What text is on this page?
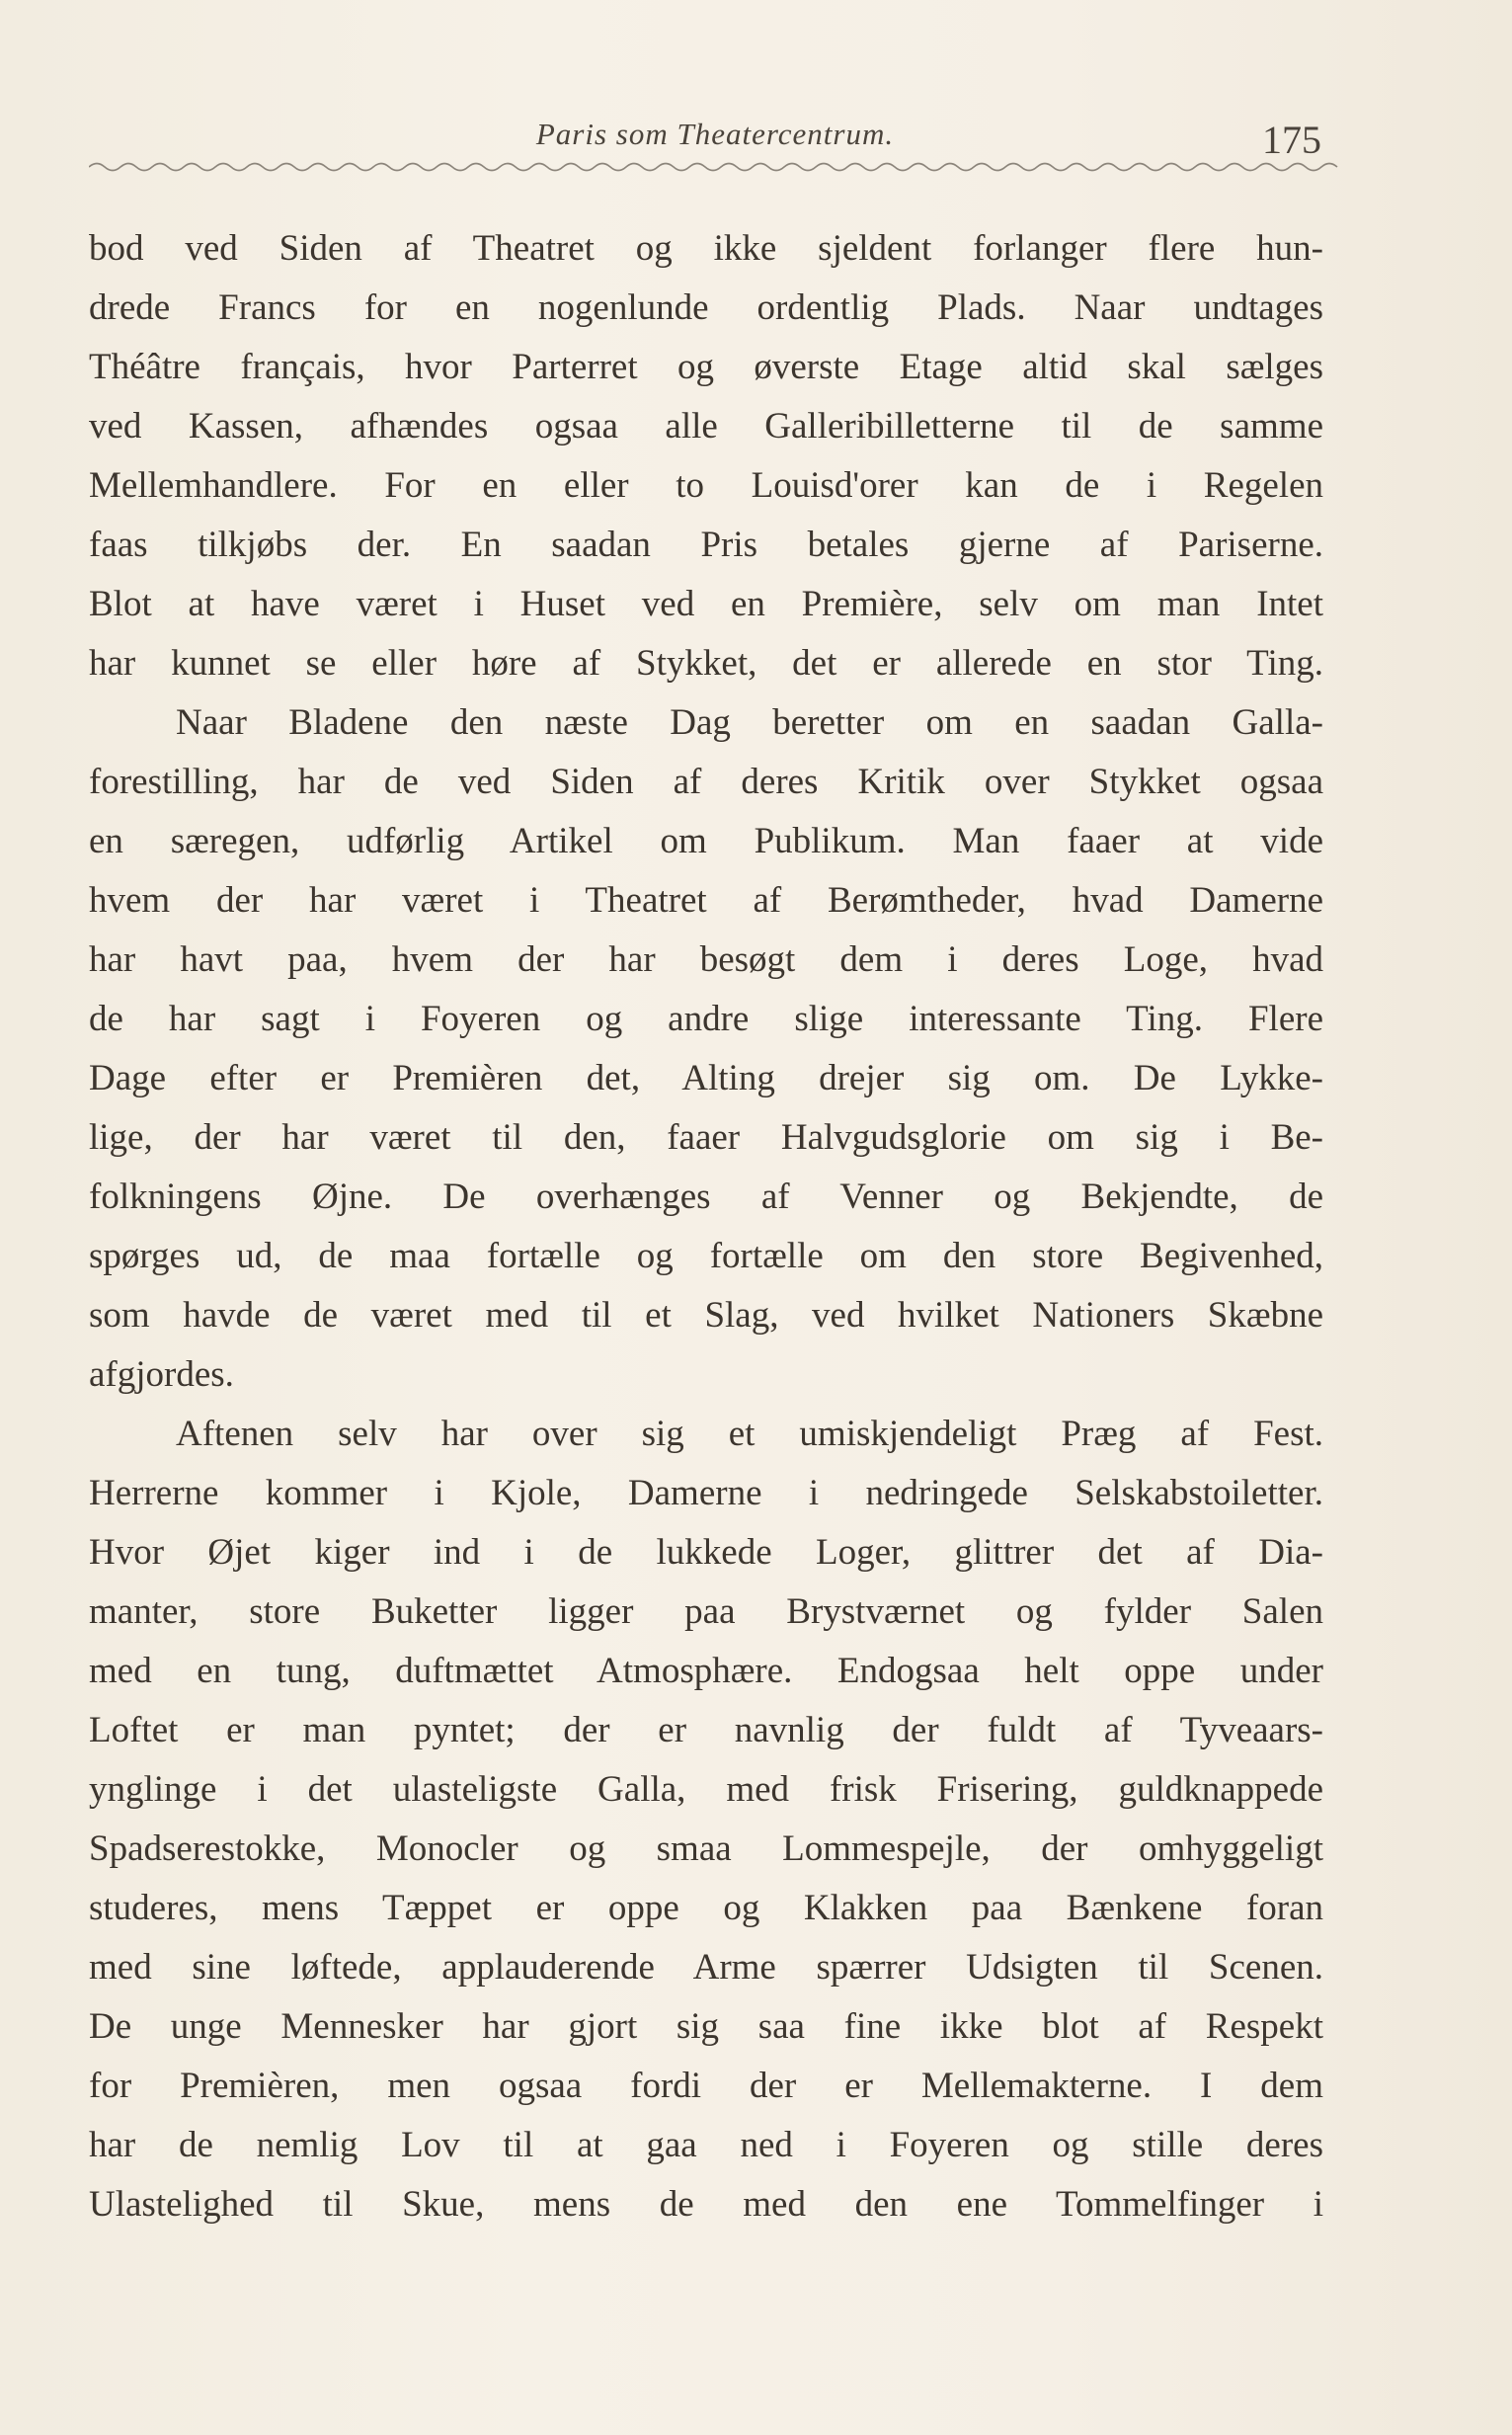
Paris som Theatercentrum.	175
bod ved Siden af Theatret og ikke sjeldent forlanger flere hun-
drede Francs for en nogenlunde ordentlig Plads. Naar undtages
Théâtre français, hvor Parterret og øverste Etage altid skal sælges
ved Kassen, afhændes ogsaa alle Galleribilletterne til de samme
Mellemhandlere. For en eller to Louisd'orer kan de i Regelen
faas tilkjøbs der. En saadan Pris betales gjerne af Pariserne.
Blot at have været i Huset ved en Première, selv om man Intet
har kunnet se eller høre af Stykket, det er allerede en stor Ting.
Naar Bladene den næste Dag beretter om en saadan Galla-
forestilling, har de ved Siden af deres Kritik over Stykket ogsaa
en særegen, udførlig Artikel om Publikum. Man faaer at vide
hvem der har været i Theatret af Berømtheder, hvad Damerne
har havt paa, hvem der har besøgt dem i deres Loge, hvad
de har sagt i Foyeren og andre slige interessante Ting. Flere
Dage efter er Premièren det, Alting drejer sig om. De Lykke-
lige, der har været til den, faaer Halvgudsglorie om sig i Be-
folkningens Øjne. De overhænges af Venner og Bekjendte, de
spørges ud, de maa fortælle og fortælle om den store Begivenhed,
som havde de været med til et Slag, ved hvilket Nationers Skæbne
afgjordes.
Aftenen selv har over sig et umiskjendeligt Præg af Fest.
Herrerne kommer i Kjole, Damerne i nedringede Selskabstoiletter.
Hvor Øjet kiger ind i de lukkede Loger, glittrer det af Dia-
manter, store Buketter ligger paa Brystværnet og fylder Salen
med en tung, duftmættet Atmosphære. Endogsaa helt oppe under
Loftet er man pyntet; der er navnlig der fuldt af Tyveaars-
ynglinge i det ulasteligste Galla, med frisk Frisering, guldknappede
Spadserestokke, Monocler og smaa Lommespejle, der omhyggeligt
studeres, mens Tæppet er oppe og Klakken paa Bænkene foran
med sine løftede, applauderende Arme spærrer Udsigten til Scenen.
De unge Mennesker har gjort sig saa fine ikke blot af Respekt
for Premièren, men ogsaa fordi der er Mellemakterne. I dem
har de nemlig Lov til at gaa ned i Foyeren og stille deres
Ulastelighed til Skue, mens de med den ene Tommelfinger i
